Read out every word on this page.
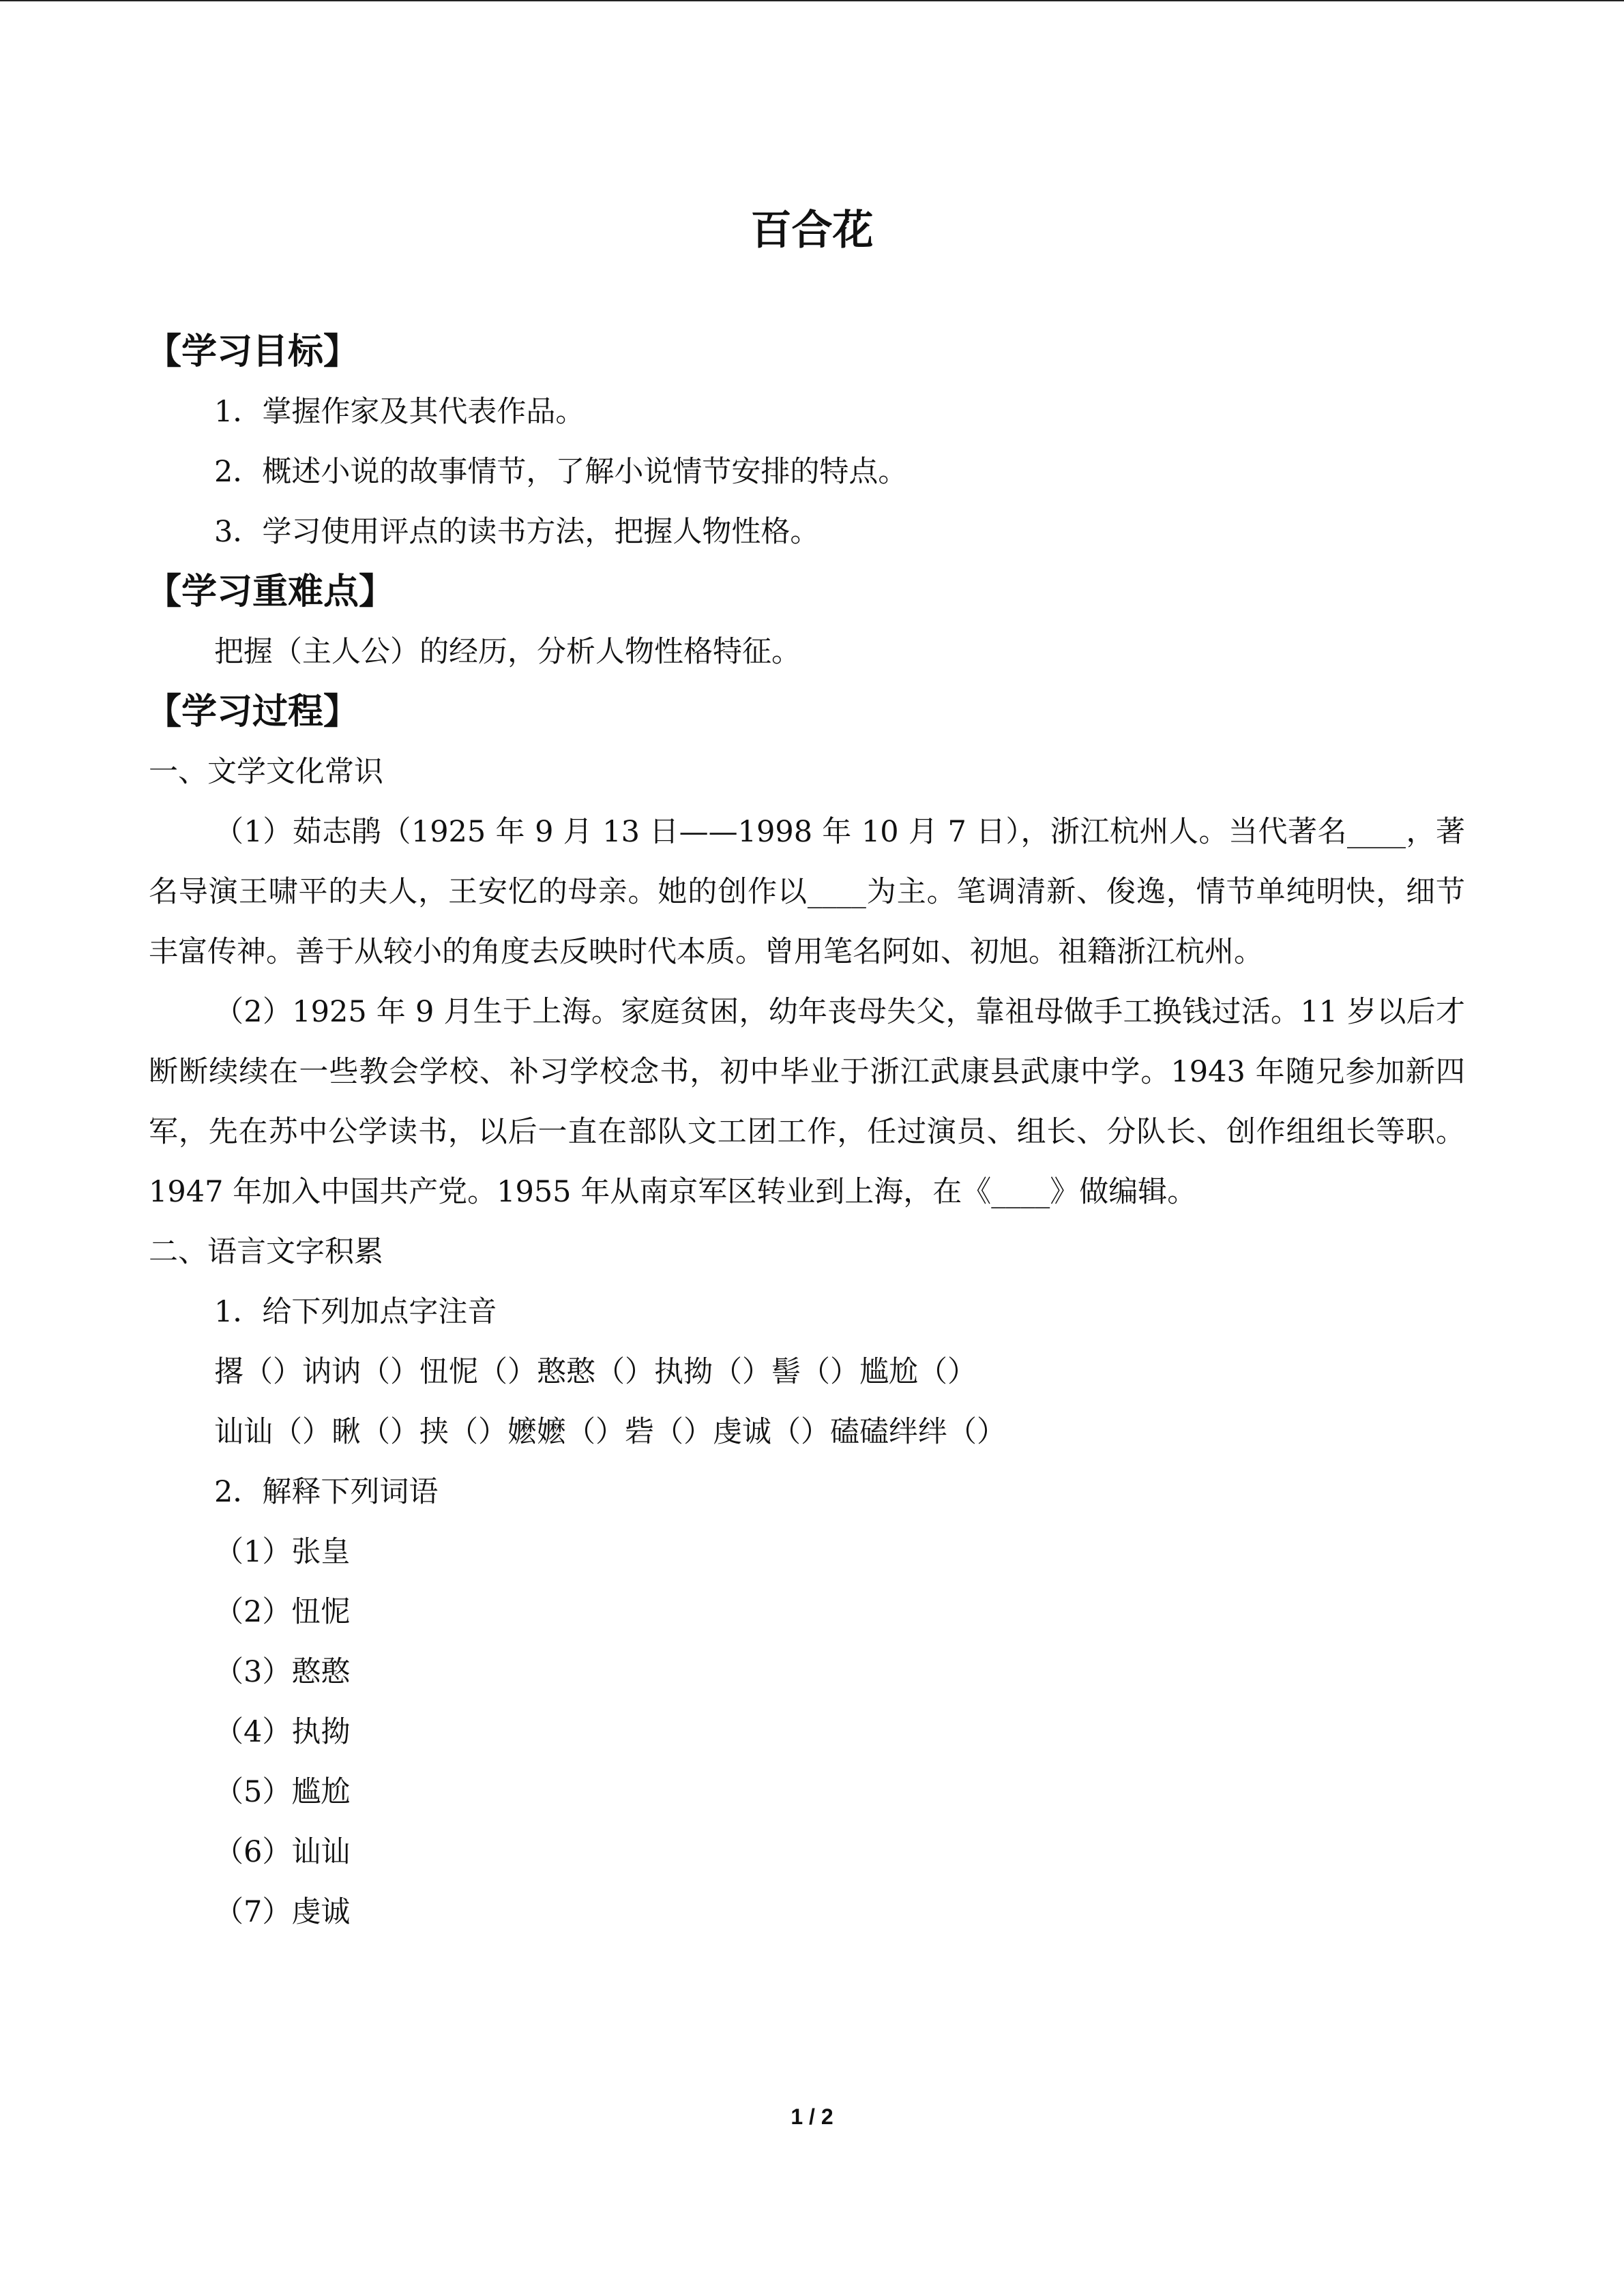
百合花
【学习目标】
1．掌握作家及其代表作品。
2．概述小说的故事情节，了解小说情节安排的特点。
3．学习使用评点的读书方法，把握人物性格。
【学习重难点】
把握（主人公）的经历，分析人物性格特征。
【学习过程】
一、文学文化常识
（1）茹志鹃（1925 年 9 月 13 日——1998 年 10 月 7 日），浙江杭州人。当代著名____，著名导演王啸平的夫人，王安忆的母亲。她的创作以____为主。笔调清新、俊逸，情节单纯明快，细节丰富传神。善于从较小的角度去反映时代本质。曾用笔名阿如、初旭。祖籍浙江杭州。
（2）1925 年 9 月生于上海。家庭贫困，幼年丧母失父，靠祖母做手工换钱过活。11 岁以后才断断续续在一些教会学校、补习学校念书，初中毕业于浙江武康县武康中学。1943 年随兄参加新四军，先在苏中公学读书，以后一直在部队文工团工作，任过演员、组长、分队长、创作组组长等职。1947 年加入中国共产党。1955 年从南京军区转业到上海，在《____》做编辑。
二、语言文字积累
1．给下列加点字注音
撂（）讷讷（）忸怩（）憨憨（）执拗（）髻（）尴尬（）
讪讪（）瞅（）挟（）嬷嬷（）砦（）虔诚（）磕磕绊绊（）
2．解释下列词语
（1）张皇
（2）忸怩
（3）憨憨
（4）执拗
（5）尴尬
（6）讪讪
（7）虔诚
1 / 2
